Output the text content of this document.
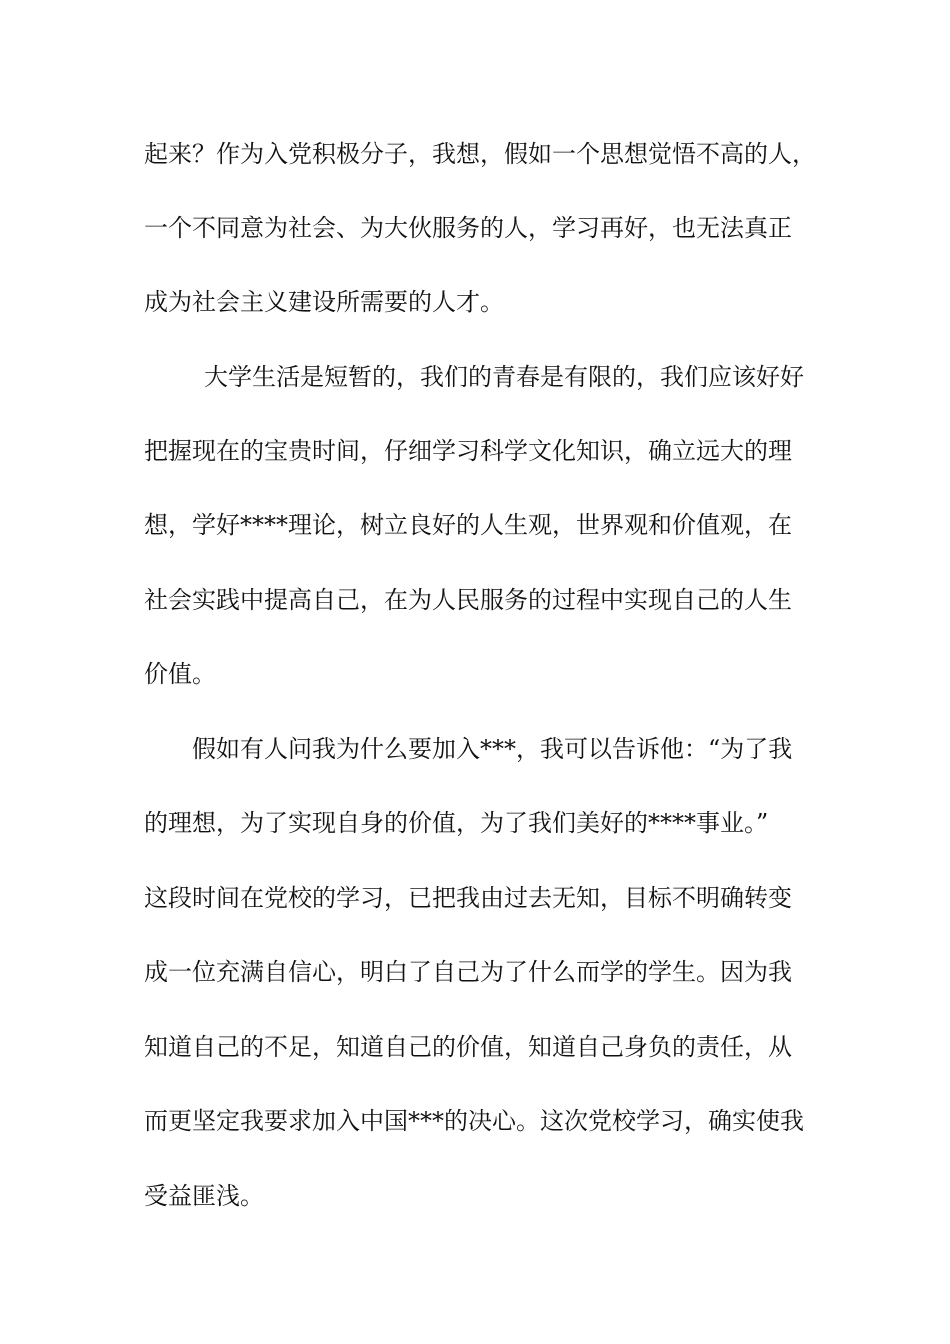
起来？作为入党积极分子，我想，假如一个思想觉悟不高的人，
一个不同意为社会、为大伙服务的人，学习再好，也无法真正
成为社会主义建设所需要的人才。
大学生活是短暂的，我们的青春是有限的，我们应该好好
把握现在的宝贵时间，仔细学习科学文化知识，确立远大的理
想，学好****理论，树立良好的人生观，世界观和价值观，在
社会实践中提高自己，在为人民服务的过程中实现自己的人生
价值。
假如有人问我为什么要加入***，我可以告诉他：“为了我
的理想，为了实现自身的价值，为了我们美好的****事业。”
这段时间在党校的学习，已把我由过去无知，目标不明确转变
成一位充满自信心，明白了自己为了什么而学的学生。因为我
知道自己的不足，知道自己的价值，知道自己身负的责任，从
而更坚定我要求加入中国***的决心。这次党校学习，确实使我
受益匪浅。
